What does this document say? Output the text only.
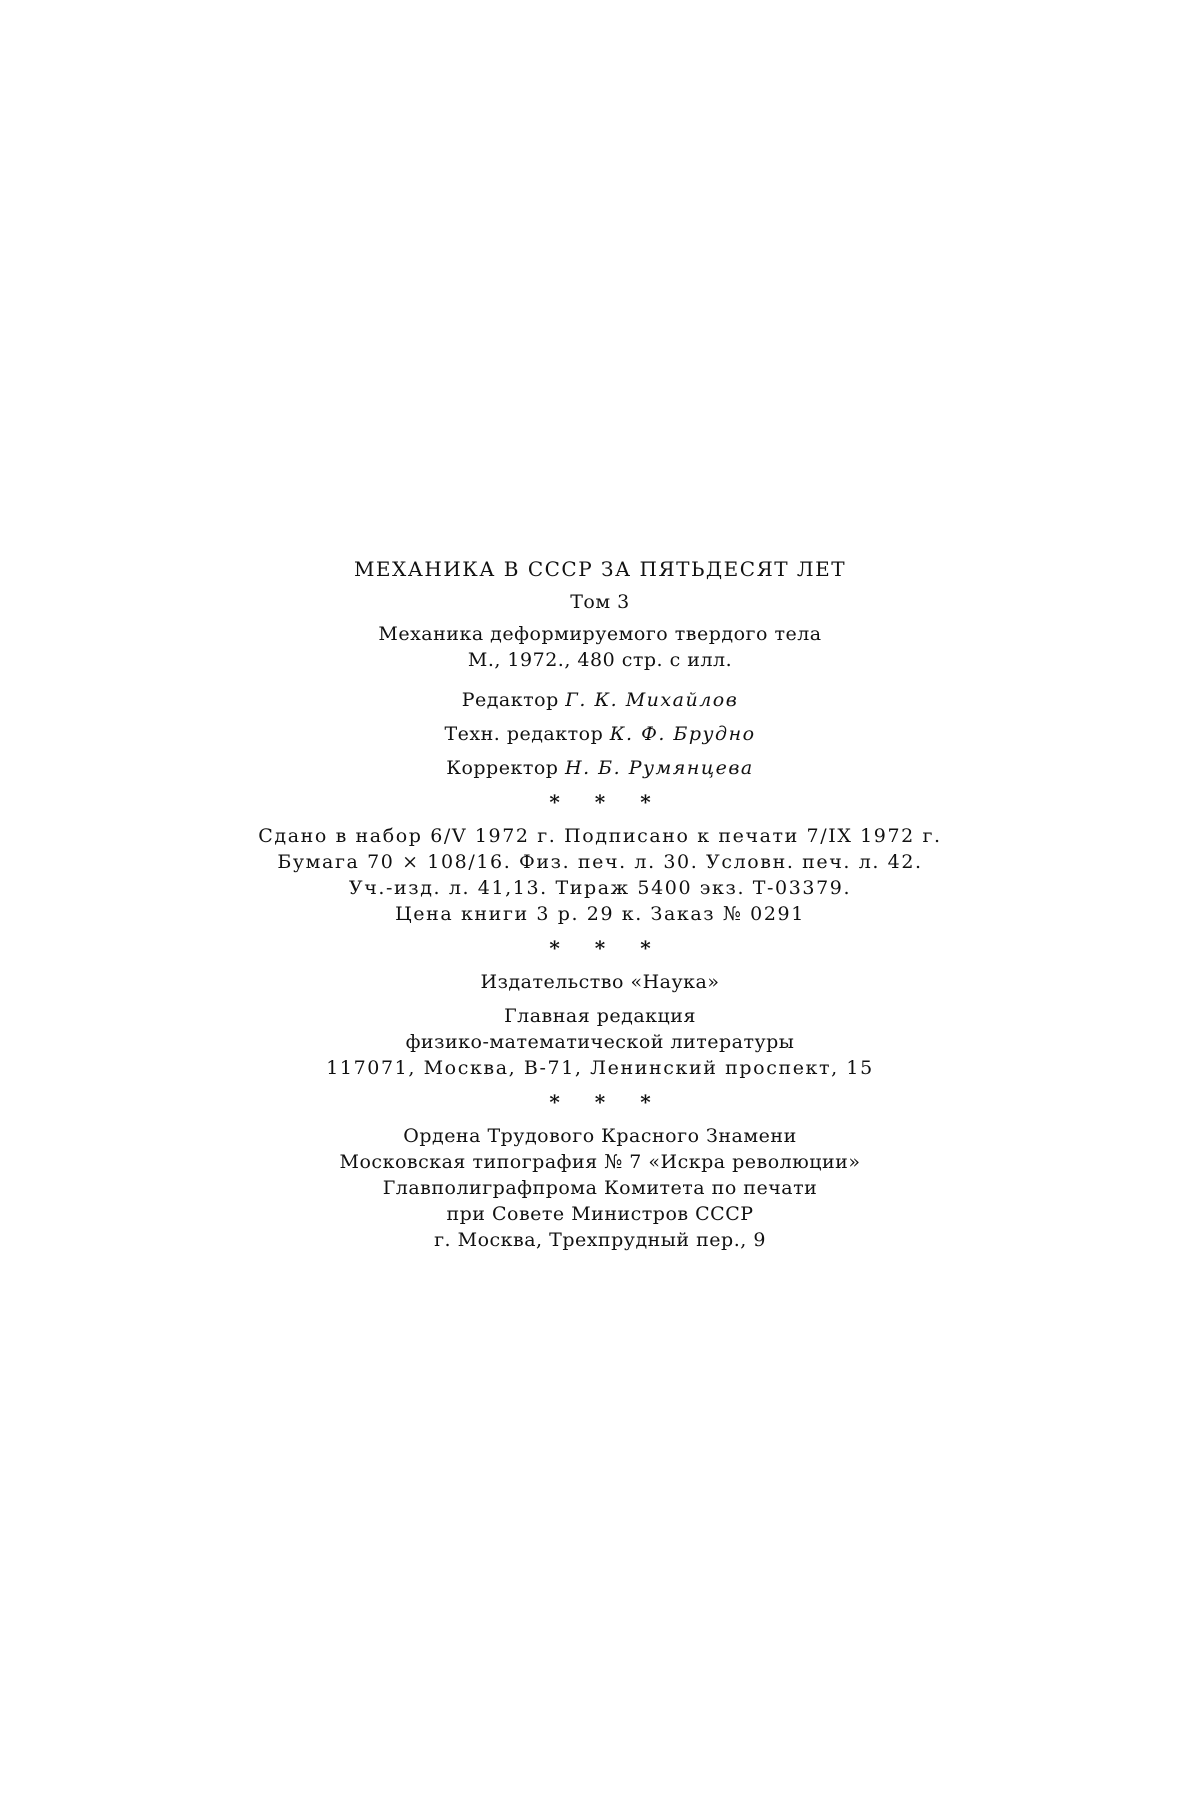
МЕХАНИКА В СССР ЗА ПЯТЬДЕСЯТ ЛЕТ
Том 3
Механика деформируемого твердого тела
М., 1972., 480 стр. с илл.
Редактор Г. К. Михайлов
Техн. редактор К. Ф. Брудно
Корректор Н. Б. Румянцева
* * *
Сдано в набор 6/V 1972 г. Подписано к печати 7/IX 1972 г.
Бумага 70 × 108/16. Физ. печ. л. 30. Условн. печ. л. 42.
Уч.-изд. л. 41,13. Тираж 5400 экз. Т-03379.
Цена книги 3 р. 29 к. Заказ № 0291
* * *
Издательство «Наука»
Главная редакция
физико-математической литературы
117071, Москва, В-71, Ленинский проспект, 15
* * *
Ордена Трудового Красного Знамени
Московская типография № 7 «Искра революции»
Главполиграфпрома Комитета по печати
при Совете Министров СССР
г. Москва, Трехпрудный пер., 9
